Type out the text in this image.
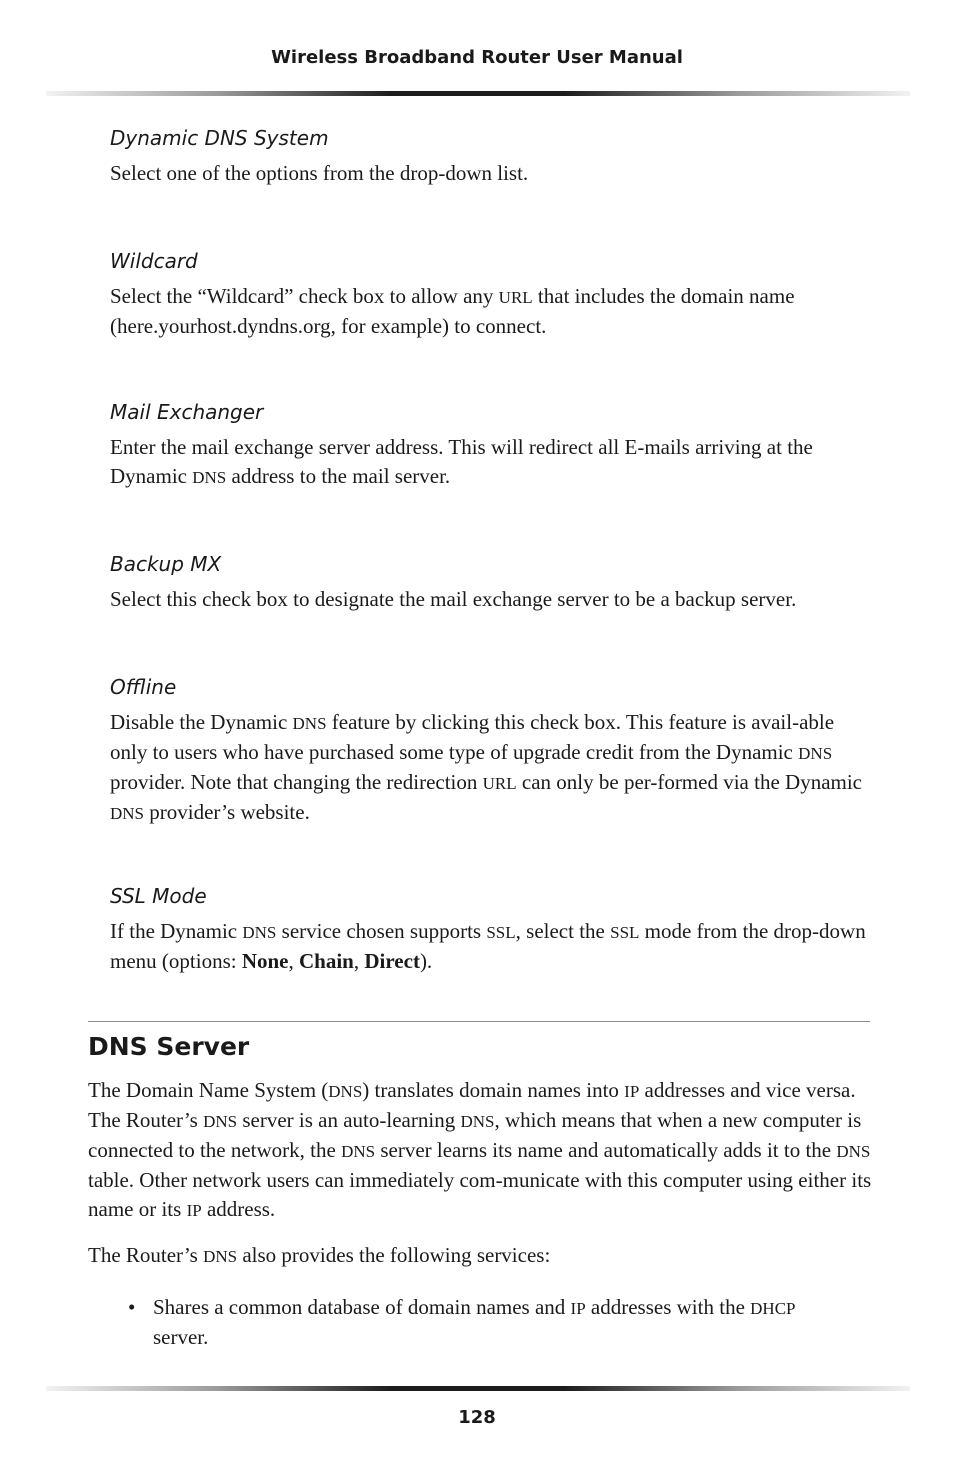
Wireless Broadband Router User Manual
Dynamic DNS System

Select one of the options from the drop-down list.

Wildcard

Select the “Wildcard” check box to allow any URL that includes the domain name (here.yourhost.dyndns.org, for example) to connect.

Mail Exchanger

Enter the mail exchange server address. This will redirect all E-mails arriving at the Dynamic DNS address to the mail server.

Backup MX

Select this check box to designate the mail exchange server to be a backup server.

Offline

Disable the Dynamic DNS feature by clicking this check box. This feature is avail-able only to users who have purchased some type of upgrade credit from the Dynamic DNS provider. Note that changing the redirection URL can only be per-formed via the Dynamic DNS provider’s website.

SSL Mode

If the Dynamic DNS service chosen supports SSL, select the SSL mode from the drop-down menu (options: None, Chain, Direct).

DNS Server

The Domain Name System (DNS) translates domain names into IP addresses and vice versa. The Router’s DNS server is an auto-learning DNS, which means that when a new computer is connected to the network, the DNS server learns its name and automatically adds it to the DNS table. Other network users can immediately com-municate with this computer using either its name or its IP address.

The Router’s DNS also provides the following services:

• Shares a common database of domain names and IP addresses with the DHCP server.
128
